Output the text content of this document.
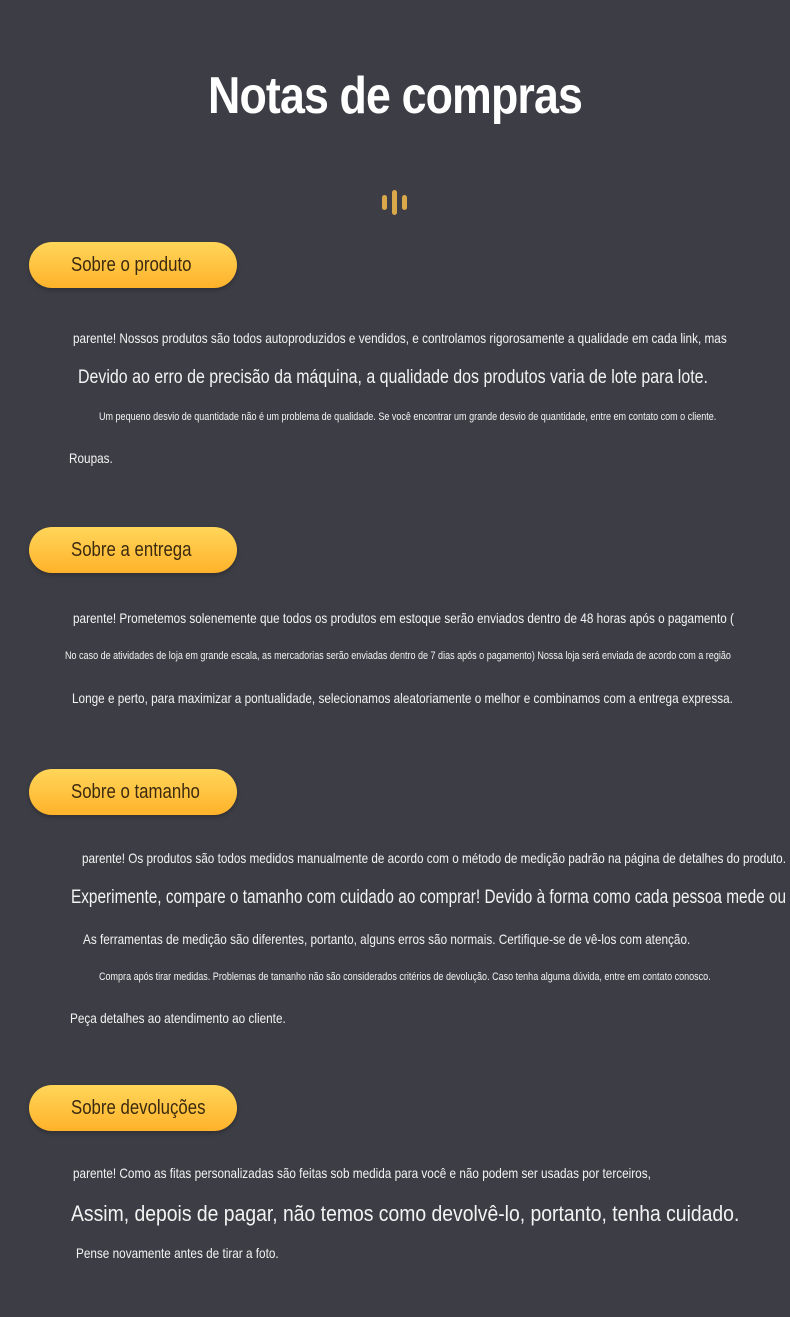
Notas de compras
Sobre o produto

parente! Nossos produtos são todos autoproduzidos e vendidos, e controlamos rigorosamente a qualidade em cada link, mas

Devido ao erro de precisão da máquina, a qualidade dos produtos varia de lote para lote.

Um pequeno desvio de quantidade não é um problema de qualidade. Se você encontrar um grande desvio de quantidade, entre em contato com o cliente.

Roupas.

Sobre a entrega

parente! Prometemos solenemente que todos os produtos em estoque serão enviados dentro de 48 horas após o pagamento (

No caso de atividades de loja em grande escala, as mercadorias serão enviadas dentro de 7 dias após o pagamento) Nossa loja será enviada de acordo com a região

Longe e perto, para maximizar a pontualidade, selecionamos aleatoriamente o melhor e combinamos com a entrega expressa.

Sobre o tamanho

parente! Os produtos são todos medidos manualmente de acordo com o método de medição padrão na página de detalhes do produto.

Experimente, compare o tamanho com cuidado ao comprar! Devido à forma como cada pessoa mede ou

As ferramentas de medição são diferentes, portanto, alguns erros são normais. Certifique-se de vê-los com atenção.

Compra após tirar medidas. Problemas de tamanho não são considerados critérios de devolução. Caso tenha alguma dúvida, entre em contato conosco.

Peça detalhes ao atendimento ao cliente.

Sobre devoluções

parente! Como as fitas personalizadas são feitas sob medida para você e não podem ser usadas por terceiros,

Assim, depois de pagar, não temos como devolvê-lo, portanto, tenha cuidado.

Pense novamente antes de tirar a foto.
